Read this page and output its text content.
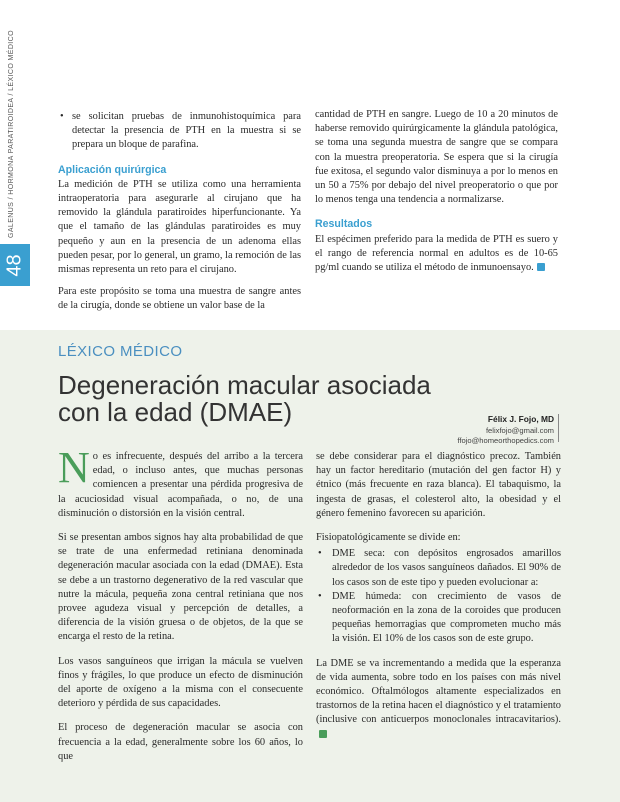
GALENUS / HORMONA PARATIROIDEA / LÉXICO MÉDICO
48

• se solicitan pruebas de inmunohistoquímica para detectar la presencia de PTH en la muestra si se prepara un bloque de parafina.

Aplicación quirúrgica

La medición de PTH se utiliza como una herramienta intraoperatoria para asegurarle al cirujano que ha removido la glándula paratiroides hiperfuncionante. Ya que el tamaño de las glándulas paratiroides es muy pequeño y aun en la presencia de un adenoma ellas pueden pesar, por lo general, un gramo, la remoción de las mismas representa un reto para el cirujano.

Para este propósito se toma una muestra de sangre antes de la cirugía, donde se obtiene un valor base de la

cantidad de PTH en sangre. Luego de 10 a 20 minutos de haberse removido quirúrgicamente la glándula patológica, se toma una segunda muestra de sangre que se compara con la muestra preoperatoria. Se espera que si la cirugía fue exitosa, el segundo valor disminuya a por lo menos en un 50 a 75% por debajo del nivel preoperatorio o que por lo menos tenga una tendencia a normalizarse.

Resultados

El espécimen preferido para la medida de PTH es suero y el rango de referencia normal en adultos es de 10-65 pg/ml cuando se utiliza el método de inmunoensayo.

LÉXICO MÉDICO
Degeneración macular asociada con la edad (DMAE)	Félix J. Fojo, MD
felixfojo@gmail.com
ffojo@homeorthopedics.com

No es infrecuente, después del arribo a la tercera edad, o incluso antes, que muchas personas comiencen a presentar una pérdida progresiva de la acuciosidad visual acompañada, o no, de una disminución o distorsión en la visión central.

Si se presentan ambos signos hay alta probabilidad de que se trate de una enfermedad retiniana denominada degeneración macular asociada con la edad (DMAE). Esta se debe a un trastorno degenerativo de la red vascular que nutre la mácula, pequeña zona central retiniana que nos provee agudeza visual y percepción de detalles, a diferencia de la visión gruesa o de objetos, de la que se encarga el resto de la retina.

Los vasos sanguíneos que irrigan la mácula se vuelven finos y frágiles, lo que produce un efecto de disminución del aporte de oxígeno a la misma con el consecuente deterioro y pérdida de sus capacidades.

El proceso de degeneración macular se asocia con frecuencia a la edad, generalmente sobre los 60 años, lo que

se debe considerar para el diagnóstico precoz. También hay un factor hereditario (mutación del gen factor H) y étnico (más frecuente en raza blanca). El tabaquismo, la ingesta de grasas, el colesterol alto, la obesidad y el género femenino favorecen su aparición.

Fisiopatológicamente se divide en:

• DME seca: con depósitos engrosados amarillos alrededor de los vasos sanguíneos dañados. El 90% de los casos son de este tipo y pueden evolucionar a:
• DME húmeda: con crecimiento de vasos de neoformación en la zona de la coroides que producen pequeñas hemorragias que comprometen mucho más la visión. El 10% de los casos son de este grupo.

La DME se va incrementando a medida que la esperanza de vida aumenta, sobre todo en los países con más nivel económico. Oftalmólogos altamente especializados en trastornos de la retina hacen el diagnóstico y el tratamiento (inclusive con anticuerpos monoclonales intracavitarios).
